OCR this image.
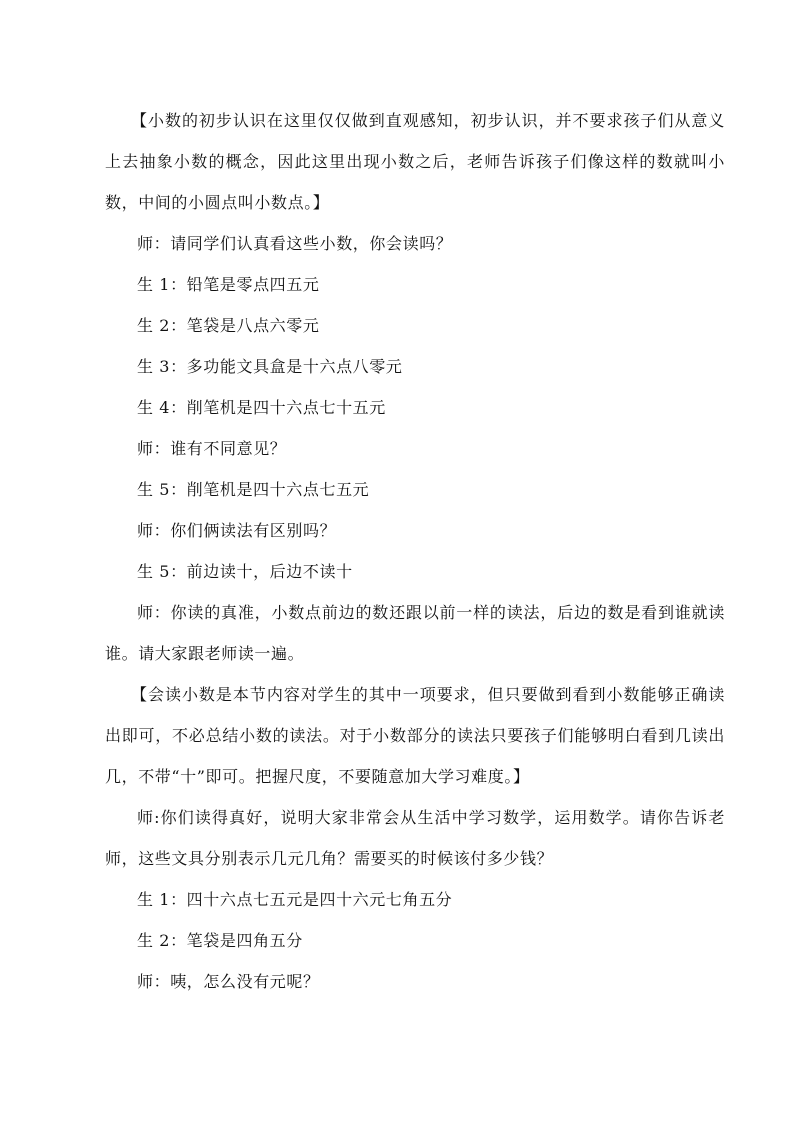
【小数的初步认识在这里仅仅做到直观感知，初步认识，并不要求孩子们从意义上去抽象小数的概念，因此这里出现小数之后，老师告诉孩子们像这样的数就叫小数，中间的小圆点叫小数点。】

师：请同学们认真看这些小数，你会读吗？

生 1：铅笔是零点四五元

生 2：笔袋是八点六零元

生 3：多功能文具盒是十六点八零元

生 4：削笔机是四十六点七十五元

师：谁有不同意见？

生 5：削笔机是四十六点七五元

师：你们俩读法有区别吗？

生 5：前边读十，后边不读十

师：你读的真准，小数点前边的数还跟以前一样的读法，后边的数是看到谁就读谁。请大家跟老师读一遍。

【会读小数是本节内容对学生的其中一项要求，但只要做到看到小数能够正确读出即可，不必总结小数的读法。对于小数部分的读法只要孩子们能够明白看到几读出几，不带“十”即可。把握尺度，不要随意加大学习难度。】

师:你们读得真好，说明大家非常会从生活中学习数学，运用数学。请你告诉老师，这些文具分别表示几元几角？需要买的时候该付多少钱？

生 1：四十六点七五元是四十六元七角五分

生 2：笔袋是四角五分

师：咦，怎么没有元呢？
